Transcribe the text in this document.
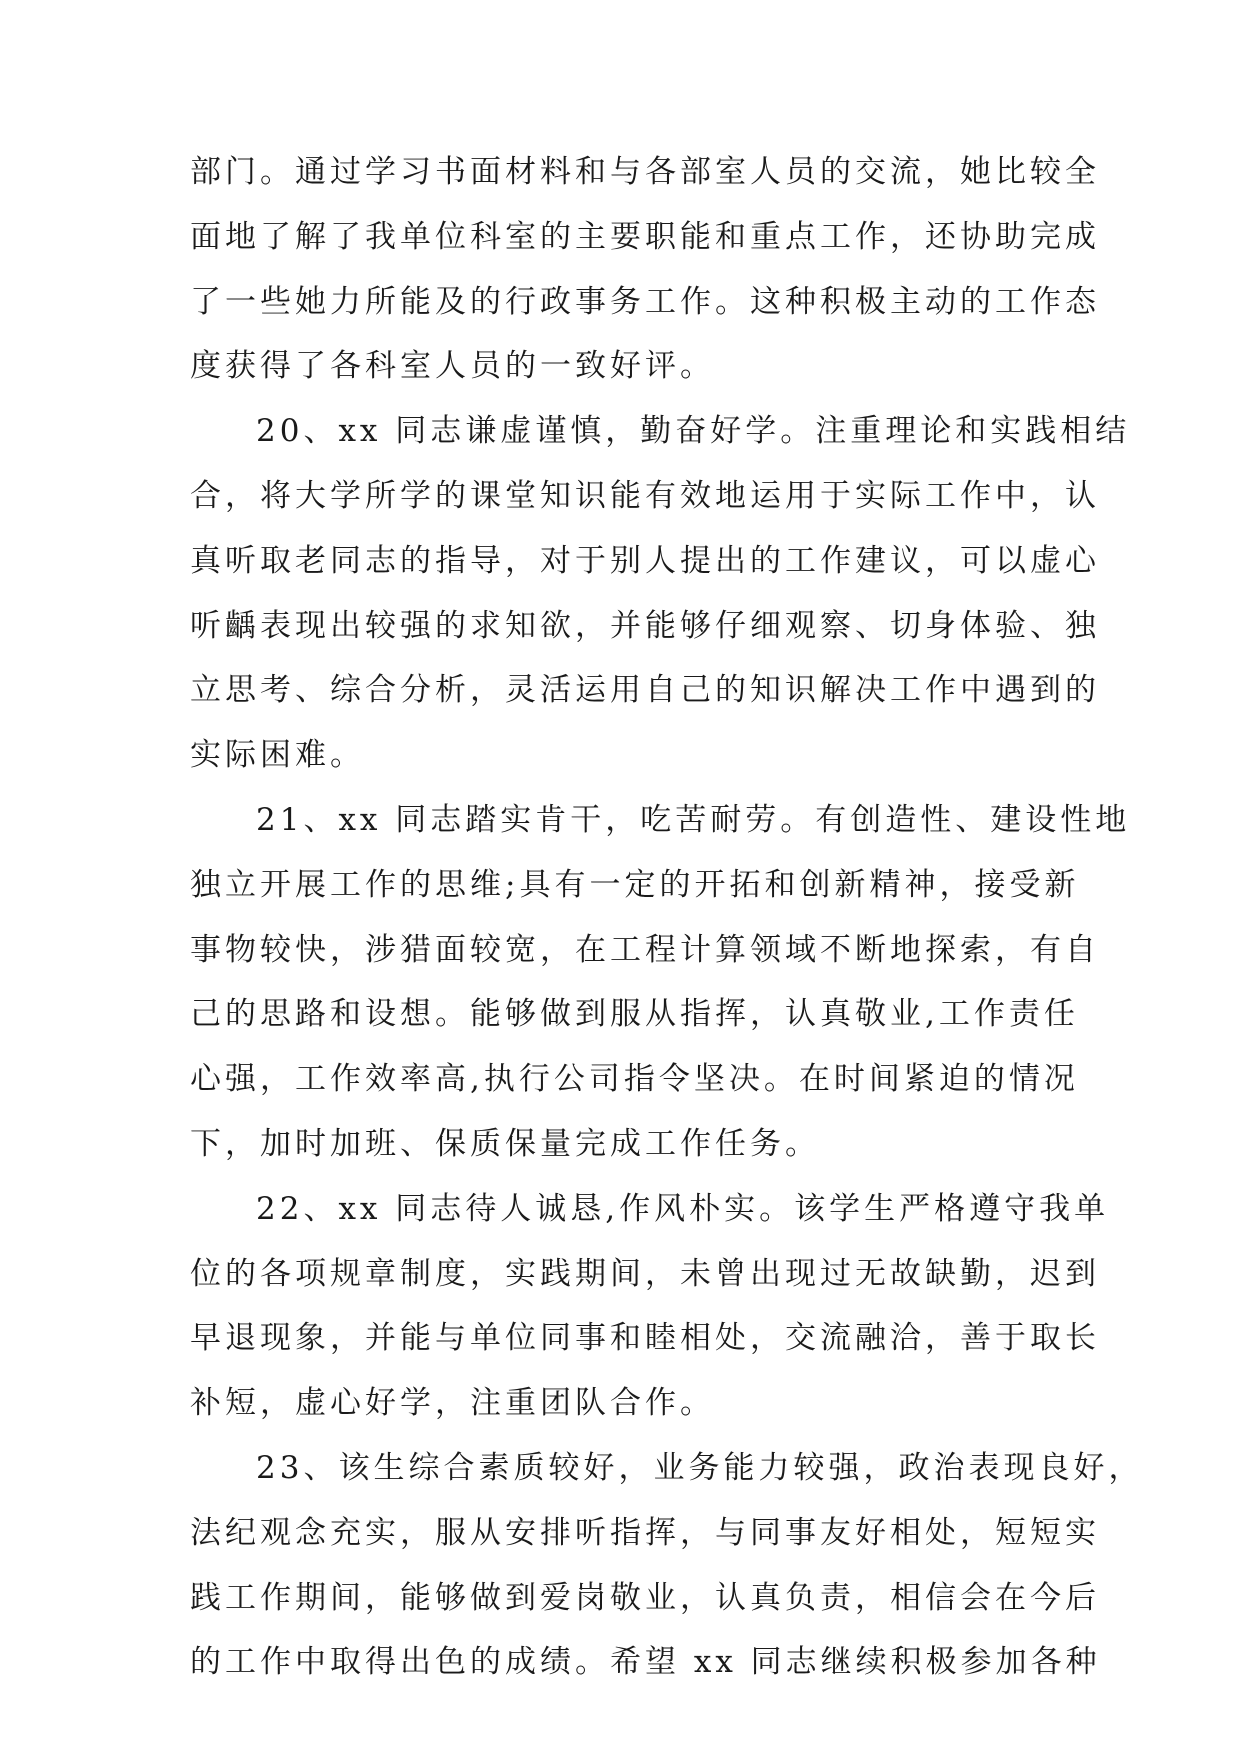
部门。通过学习书面材料和与各部室人员的交流，她比较全
面地了解了我单位科室的主要职能和重点工作，还协助完成
了一些她力所能及的行政事务工作。这种积极主动的工作态
度获得了各科室人员的一致好评。
20、xx 同志谦虚谨慎，勤奋好学。注重理论和实践相结
合，将大学所学的课堂知识能有效地运用于实际工作中，认
真听取老同志的指导，对于别人提出的工作建议，可以虚心
听齲表现出较强的求知欲，并能够仔细观察、切身体验、独
立思考、综合分析，灵活运用自己的知识解决工作中遇到的
实际困难。
21、xx 同志踏实肯干，吃苦耐劳。有创造性、建设性地
独立开展工作的思维;具有一定的开拓和创新精神，接受新
事物较快，涉猎面较宽，在工程计算领域不断地探索，有自
己的思路和设想。能够做到服从指挥，认真敬业,工作责任
心强，工作效率高,执行公司指令坚决。在时间紧迫的情况
下，加时加班、保质保量完成工作任务。
22、xx 同志待人诚恳,作风朴实。该学生严格遵守我单
位的各项规章制度，实践期间，未曾出现过无故缺勤，迟到
早退现象，并能与单位同事和睦相处，交流融洽，善于取长
补短，虚心好学，注重团队合作。
23、该生综合素质较好，业务能力较强，政治表现良好，
法纪观念充实，服从安排听指挥，与同事友好相处，短短实
践工作期间，能够做到爱岗敬业，认真负责，相信会在今后
的工作中取得出色的成绩。希望 xx 同志继续积极参加各种
